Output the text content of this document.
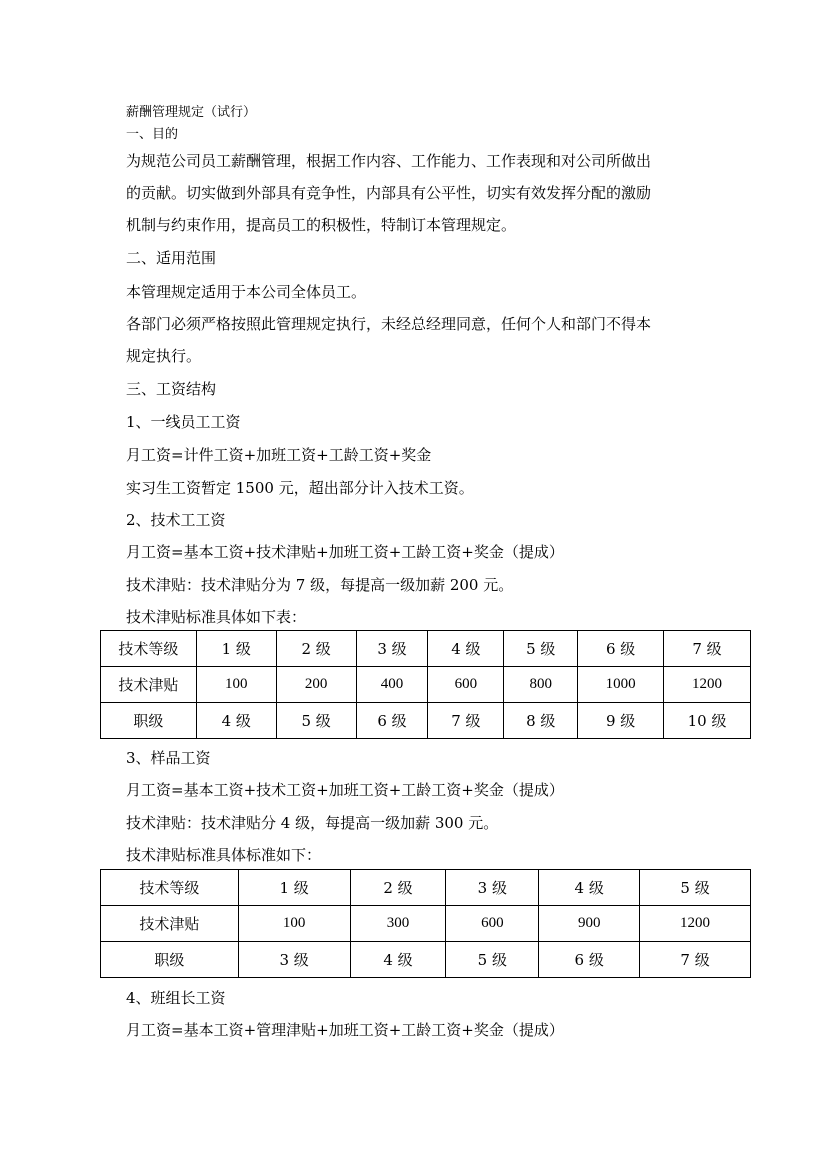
薪酬管理规定（试行）
一、目的
为规范公司员工薪酬管理，根据工作内容、工作能力、工作表现和对公司所做出
的贡献。切实做到外部具有竞争性，内部具有公平性，切实有效发挥分配的激励
机制与约束作用，提高员工的积极性，特制订本管理规定。
二、适用范围
本管理规定适用于本公司全体员工。
各部门必须严格按照此管理规定执行，未经总经理同意，任何个人和部门不得本
规定执行。
三、工资结构
1、一线员工工资
月工资=计件工资+加班工资+工龄工资+奖金
实习生工资暂定 1500 元，超出部分计入技术工资。
2、技术工工资
月工资=基本工资+技术津贴+加班工资+工龄工资+奖金（提成）
技术津贴：技术津贴分为 7 级，每提高一级加薪 200 元。
技术津贴标准具体如下表：
技术等级	1 级	2 级	3 级	4 级	5 级	6 级	7 级
技术津贴	100	200	400	600	800	1000	1200
职级	4 级	5 级	6 级	7 级	8 级	9 级	10 级
3、样品工资
月工资=基本工资+技术工资+加班工资+工龄工资+奖金（提成）
技术津贴：技术津贴分 4 级，每提高一级加薪 300 元。
技术津贴标准具体标准如下：
技术等级	1 级	2 级	3 级	4 级	5 级
技术津贴	100	300	600	900	1200
职级	3 级	4 级	5 级	6 级	7 级
4、班组长工资
月工资=基本工资+管理津贴+加班工资+工龄工资+奖金（提成）
